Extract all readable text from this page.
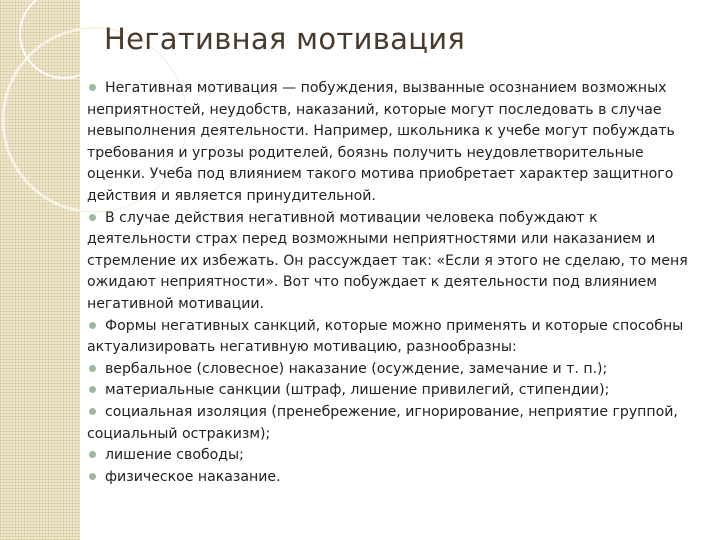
Негативная мотивация

Негативная мотивация — побуждения, вызванные осознанием возможных неприятностей, неудобств, наказаний, которые могут последовать в случае невыполнения деятельности. Например, школьника к учебе могут побуждать требования и угрозы родителей, боязнь получить неудовлетворительные оценки. Учеба под влиянием такого мотива приобретает характер защитного действия и является принудительной.

В случае действия негативной мотивации человека побуждают к деятельности страх перед возможными неприятностями или наказанием и стремление их избежать. Он рассуждает так: «Если я этого не сделаю, то меня ожидают неприятности». Вот что побуждает к деятельности под влиянием негативной мотивации.

Формы негативных санкций, которые можно применять и которые способны актуализировать негативную мотивацию, разнообразны:

вербальное (словесное) наказание (осуждение, замечание и т. п.);

материальные санкции (штраф, лишение привилегий, стипендии);

социальная изоляция (пренебрежение, игнорирование, неприятие группой, социальный остракизм);

лишение свободы;

физическое наказание.
